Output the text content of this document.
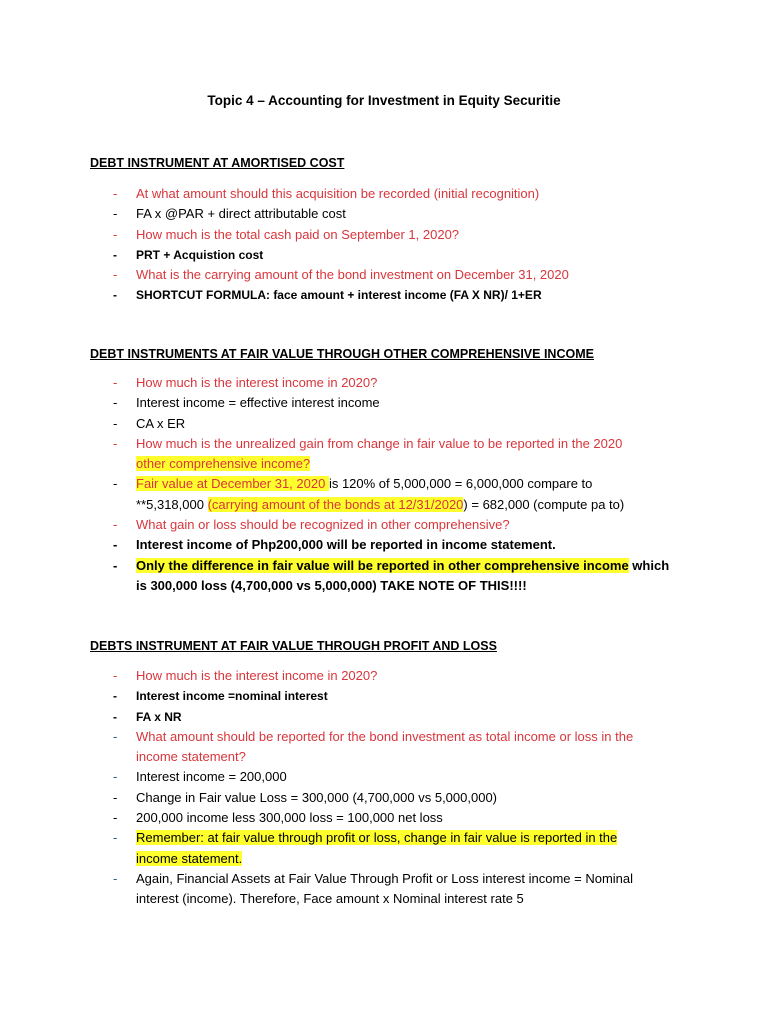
Topic 4 – Accounting for Investment in Equity Securitie
DEBT INSTRUMENT AT AMORTISED COST
- At what amount should this acquisition be recorded (initial recognition)
- FA x @PAR + direct attributable cost
- How much is the total cash paid on September 1, 2020?
- PRT + Acquistion cost
- What is the carrying amount of the bond investment on December 31, 2020
- SHORTCUT FORMULA: face amount + interest income (FA X NR)/ 1+ER
DEBT INSTRUMENTS AT FAIR VALUE THROUGH OTHER COMPREHENSIVE INCOME
- How much is the interest income in 2020?
- Interest income = effective interest income
- CA x ER
- How much is the unrealized gain from change in fair value to be reported in the 2020
other comprehensive income?
- Fair value at December 31, 2020 is 120% of 5,000,000 = 6,000,000 compare to
**5,318,000 (carrying amount of the bonds at 12/31/2020) = 682,000 (compute pa to)
- What gain or loss should be recognized in other comprehensive?
- Interest income of Php200,000 will be reported in income statement.
- Only the difference in fair value will be reported in other comprehensive income which
is 300,000 loss (4,700,000 vs 5,000,000) TAKE NOTE OF THIS!!!!
DEBTS INSTRUMENT AT FAIR VALUE THROUGH PROFIT AND LOSS
- How much is the interest income in 2020?
- Interest income =nominal interest
- FA x NR
- What amount should be reported for the bond investment as total income or loss in the
income statement?
- Interest income = 200,000
- Change in Fair value Loss = 300,000 (4,700,000 vs 5,000,000)
- 200,000 income less 300,000 loss = 100,000 net loss
- Remember: at fair value through profit or loss, change in fair value is reported in the
income statement.
- Again, Financial Assets at Fair Value Through Profit or Loss interest income = Nominal
interest (income). Therefore, Face amount x Nominal interest rate 5
